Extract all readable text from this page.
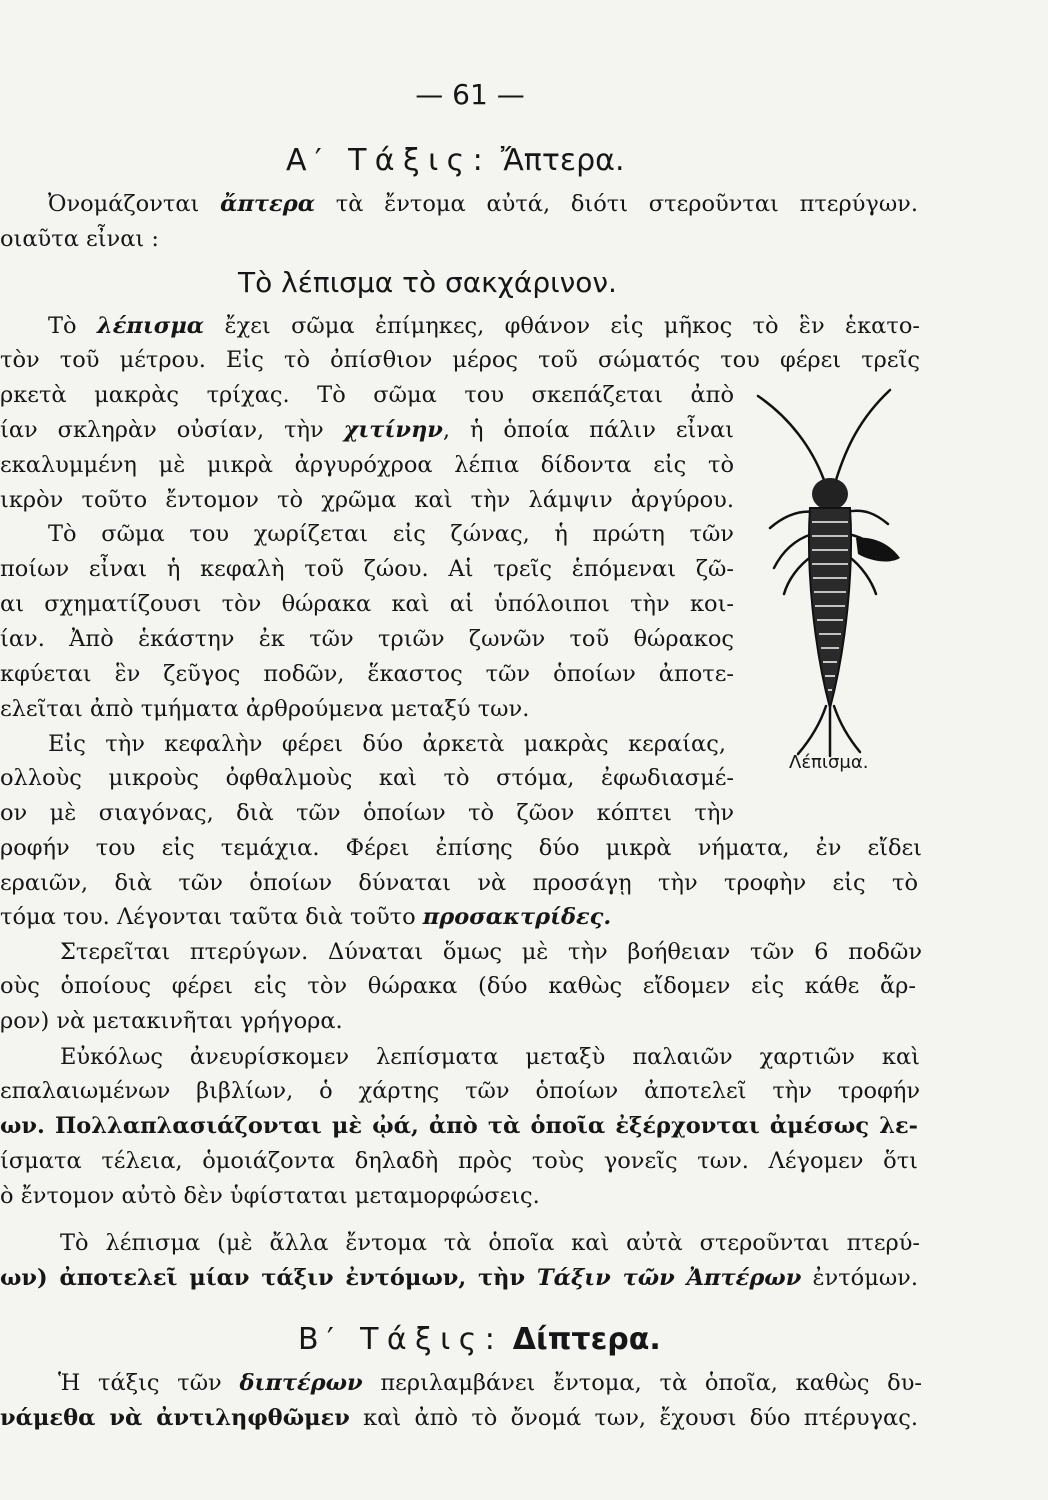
— 61 —
Α′ Τάξις: Ἄπτερα.
Ὀνομάζονται ἄπτερα τὰ ἔντομα αὐτά, διότι στεροῦνται πτερύγων.
οιαῦτα εἶναι :
Τὸ λέπισμα τὸ σακχάρινον.
Τὸ λέπισμα ἔχει σῶμα ἐπίμηκες, φθάνον εἰς μῆκος τὸ ἓν ἑκατο-
τὸν τοῦ μέτρου. Εἰς τὸ ὀπίσθιον μέρος τοῦ σώματός του φέρει τρεῖς
ρκετὰ μακρὰς τρίχας. Τὸ σῶμα του σκεπάζεται ἀπὸ
ίαν σκληρὰν οὐσίαν, τὴν χιτίνην, ἡ ὁποία πάλιν εἶναι
εκαλυμμένη μὲ μικρὰ ἀργυρόχροα λέπια δίδοντα εἰς τὸ
ικρὸν τοῦτο ἔντομον τὸ χρῶμα καὶ τὴν λάμψιν ἀργύρου.
Τὸ σῶμα του χωρίζεται εἰς ζώνας, ἡ πρώτη τῶν
ποίων εἶναι ἡ κεφαλὴ τοῦ ζώου. Αἱ τρεῖς ἑπόμεναι ζῶ-
αι σχηματίζουσι τὸν θώρακα καὶ αἱ ὑπόλοιποι τὴν κοι-
ίαν. Ἀπὸ ἑκάστην ἐκ τῶν τριῶν ζωνῶν τοῦ θώρακος
κφύεται ἓν ζεῦγος ποδῶν, ἕκαστος τῶν ὁποίων ἀποτε-
ελεῖται ἀπὸ τμήματα ἀρθρούμενα μεταξύ των.
Εἰς τὴν κεφαλὴν φέρει δύο ἀρκετὰ μακρὰς κεραίας,
ολλοὺς μικροὺς ὀφθαλμοὺς καὶ τὸ στόμα, ἐφωδιασμέ-
ον μὲ σιαγόνας, διὰ τῶν ὁποίων τὸ ζῶον κόπτει τὴν
ροφήν του εἰς τεμάχια. Φέρει ἐπίσης δύο μικρὰ νήματα, ἐν εἴδει
εραιῶν, διὰ τῶν ὁποίων δύναται νὰ προσάγῃ τὴν τροφὴν εἰς τὸ
τόμα του. Λέγονται ταῦτα διὰ τοῦτο προσακτρίδες.
Στερεῖται πτερύγων. Δύναται ὅμως μὲ τὴν βοήθειαν τῶν 6 ποδῶν
οὺς ὁποίους φέρει εἰς τὸν θώρακα (δύο καθὼς εἴδομεν εἰς κάθε ἄρ-
ρον) νὰ μετακινῆται γρήγορα.
Εὐκόλως ἀνευρίσκομεν λεπίσματα μεταξὺ παλαιῶν χαρτιῶν καὶ
επαλαιωμένων βιβλίων, ὁ χάρτης τῶν ὁποίων ἀποτελεῖ τὴν τροφήν
ων. Πολλαπλασιάζονται μὲ ᾠά, ἀπὸ τὰ ὁποῖα ἐξέρχονται ἀμέσως λε-
ίσματα τέλεια, ὁμοιάζοντα δηλαδὴ πρὸς τοὺς γονεῖς των. Λέγομεν ὅτι
ὸ ἔντομον αὐτὸ δὲν ὑφίσταται μεταμορφώσεις.
Τὸ λέπισμα (μὲ ἄλλα ἔντομα τὰ ὁποῖα καὶ αὐτὰ στεροῦνται πτερύ-
ων) ἀποτελεῖ μίαν τάξιν ἐντόμων, τὴν Τάξιν τῶν Ἀπτέρων ἐντόμων.
Β′ Τάξις: Δίπτερα.
Ἡ τάξις τῶν διπτέρων περιλαμβάνει ἔντομα, τὰ ὁποῖα, καθὼς δυ-
νάμεθα νὰ ἀντιληφθῶμεν καὶ ἀπὸ τὸ ὄνομά των, ἔχουσι δύο πτέρυγας.
Λέπισμα.
